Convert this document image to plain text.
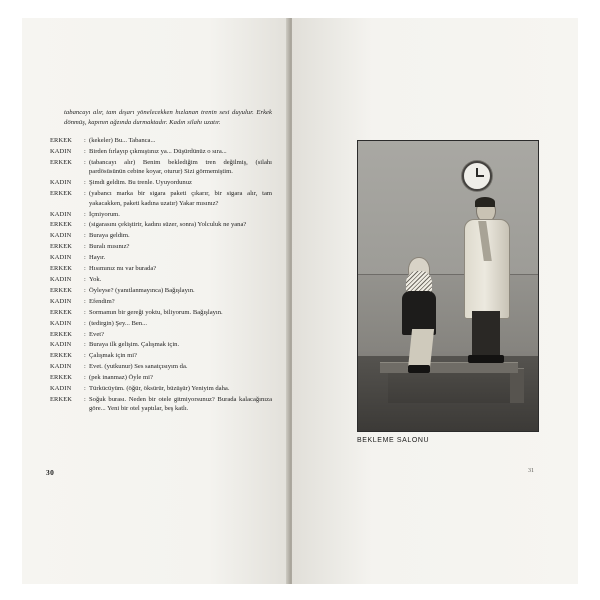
tabancayı alır, tam dışarı yönelecekken hızlanan trenin sesi duyulur. Erkek dönmüş, kapının ağzında durmaktadır. Kadın silahı uzatır.

ERKEK	: (kekeler) Bu... Tabanca...
KADIN	: Birden fırlayıp çıkmıştınız ya... Düşürdünüz o sıra...
ERKEK	: (tabancayı alır) Benim beklediğim tren değilmiş, (silahı pardösüsünün cebine koyar, oturur) Sizi görmemiştim.
KADIN	: Şimdi geldim. Bu trenle. Uyuyordunuz
ERKEK	: (yabancı marka bir sigara paketi çıkarır, bir sigara alır, tam yakacakken, paketi kadına uzatır) Yakar mısınız?
KADIN	: İçmiyorum.
ERKEK	: (sigarasını çekiştirir, kadını süzer, sonra) Yolculuk ne yana?
KADIN	: Buraya geldim.
ERKEK	: Buralı mısınız?
KADIN	: Hayır.
ERKEK	: Hısımınız mı var burada?
KADIN	: Yok.
ERKEK	: Öyleyse? (yanıtlanmayınca) Bağışlayın.
KADIN	: Efendim?
ERKEK	: Sormamın bir gereği yoktu, biliyorum. Bağışlayın.
KADIN	: (tedirgin) Şey... Ben...
ERKEK	: Evet?
KADIN	: Buraya ilk gelişim. Çalışmak için.
ERKEK	: Çalışmak için mi?
KADIN	: Evet. (yutkunur) Ses sanatçısıyım da.
ERKEK	: (pek inanmaz) Öyle mi?
KADIN	: Türkücüyüm. (öğür, öksürür, büzüşür) Yeniyim daha.
ERKEK	: Soğuk burası. Neden bir otele gitmiyorsunuz? Burada kalacağınıza göre... Yeni bir otel yaptılar, beş katlı.
30
BEKLEME SALONU
31
